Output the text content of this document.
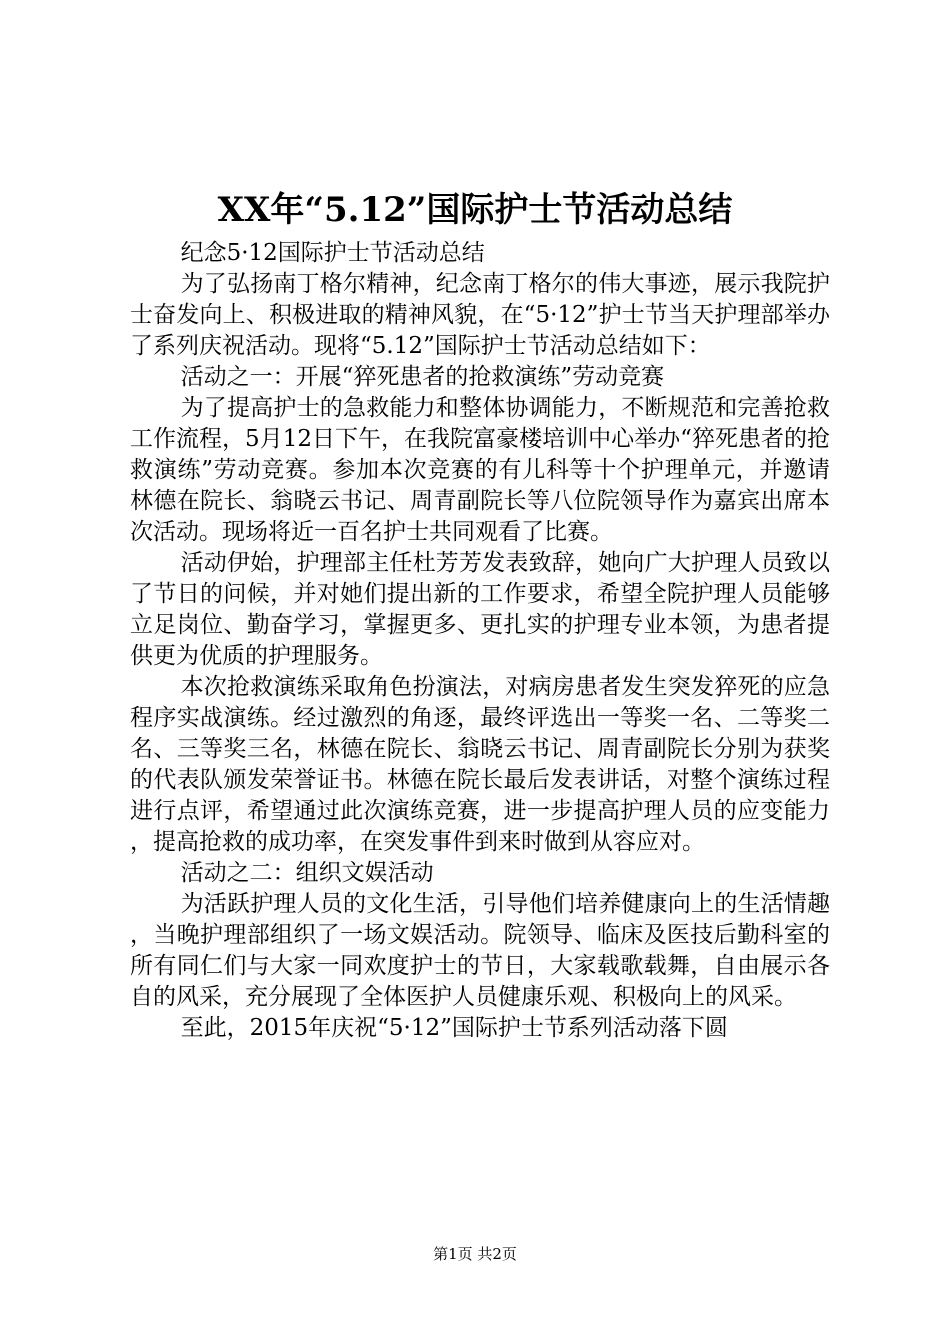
XX年“5.12”国际护士节活动总结

纪念5·12国际护士节活动总结

为了弘扬南丁格尔精神，纪念南丁格尔的伟大事迹，展示我院护士奋发向上、积极进取的精神风貌，在“5·12”护士节当天护理部举办了系列庆祝活动。现将“5.12”国际护士节活动总结如下：

活动之一：开展“猝死患者的抢救演练”劳动竞赛

为了提高护士的急救能力和整体协调能力，不断规范和完善抢救工作流程，5月12日下午，在我院富豪楼培训中心举办“猝死患者的抢救演练”劳动竞赛。参加本次竞赛的有儿科等十个护理单元，并邀请林德在院长、翁晓云书记、周青副院长等八位院领导作为嘉宾出席本次活动。现场将近一百名护士共同观看了比赛。

活动伊始，护理部主任杜芳芳发表致辞，她向广大护理人员致以了节日的问候，并对她们提出新的工作要求，希望全院护理人员能够立足岗位、勤奋学习，掌握更多、更扎实的护理专业本领，为患者提供更为优质的护理服务。

本次抢救演练采取角色扮演法，对病房患者发生突发猝死的应急程序实战演练。经过激烈的角逐，最终评选出一等奖一名、二等奖二名、三等奖三名，林德在院长、翁晓云书记、周青副院长分别为获奖的代表队颁发荣誉证书。林德在院长最后发表讲话，对整个演练过程进行点评，希望通过此次演练竞赛，进一步提高护理人员的应变能力，提高抢救的成功率，在突发事件到来时做到从容应对。

活动之二：组织文娱活动

为活跃护理人员的文化生活，引导他们培养健康向上的生活情趣，当晚护理部组织了一场文娱活动。院领导、临床及医技后勤科室的所有同仁们与大家一同欢度护士的节日，大家载歌载舞，自由展示各自的风采，充分展现了全体医护人员健康乐观、积极向上的风采。

至此，2015年庆祝“5·12”国际护士节系列活动落下圆

第1页 共2页
